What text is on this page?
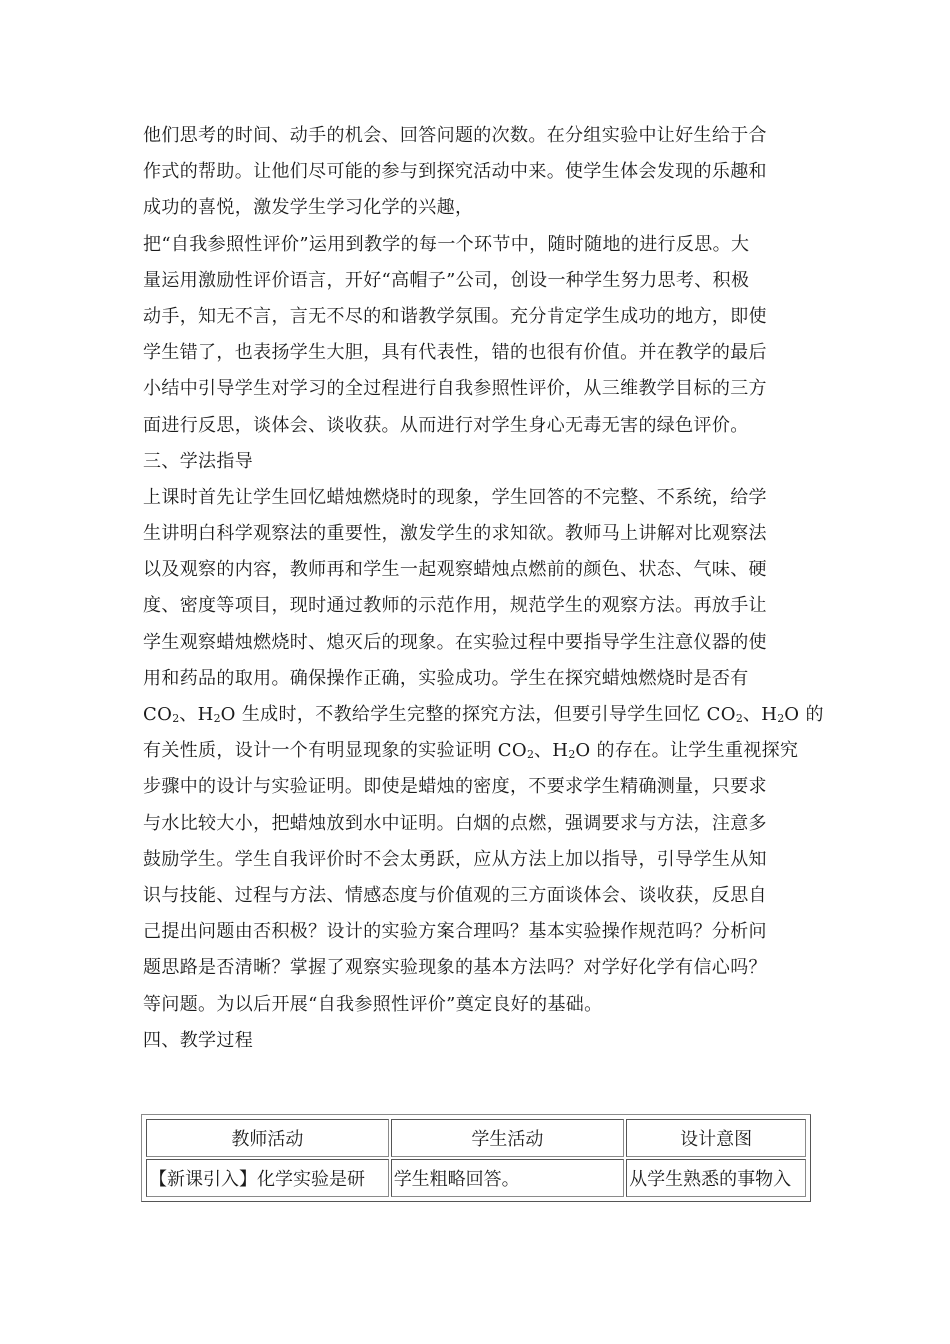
他们思考的时间、动手的机会、回答问题的次数。在分组实验中让好生给于合
作式的帮助。让他们尽可能的参与到探究活动中来。使学生体会发现的乐趣和
成功的喜悦，激发学生学习化学的兴趣，
把“自我参照性评价”运用到教学的每一个环节中，随时随地的进行反思。大
量运用激励性评价语言，开好“高帽子”公司，创设一种学生努力思考、积极
动手，知无不言，言无不尽的和谐教学氛围。充分肯定学生成功的地方，即使
学生错了，也表扬学生大胆，具有代表性，错的也很有价值。并在教学的最后
小结中引导学生对学习的全过程进行自我参照性评价，从三维教学目标的三方
面进行反思，谈体会、谈收获。从而进行对学生身心无毒无害的绿色评价。
三、学法指导
上课时首先让学生回忆蜡烛燃烧时的现象，学生回答的不完整、不系统，给学
生讲明白科学观察法的重要性，激发学生的求知欲。教师马上讲解对比观察法
以及观察的内容，教师再和学生一起观察蜡烛点燃前的颜色、状态、气味、硬
度、密度等项目，现时通过教师的示范作用，规范学生的观察方法。再放手让
学生观察蜡烛燃烧时、熄灭后的现象。在实验过程中要指导学生注意仪器的使
用和药品的取用。确保操作正确，实验成功。学生在探究蜡烛燃烧时是否有
CO2、H2O 生成时，不教给学生完整的探究方法，但要引导学生回忆 CO2、H2O 的
有关性质，设计一个有明显现象的实验证明 CO2、H2O 的存在。让学生重视探究
步骤中的设计与实验证明。即使是蜡烛的密度，不要求学生精确测量，只要求
与水比较大小，把蜡烛放到水中证明。白烟的点燃，强调要求与方法，注意多
鼓励学生。学生自我评价时不会太勇跃，应从方法上加以指导，引导学生从知
识与技能、过程与方法、情感态度与价值观的三方面谈体会、谈收获，反思自
己提出问题由否积极？设计的实验方案合理吗？基本实验操作规范吗？分析问
题思路是否清晰？掌握了观察实验现象的基本方法吗？对学好化学有信心吗？
等问题。为以后开展“自我参照性评价”奠定良好的基础。
四、教学过程
教师活动	学生活动	设计意图
【新课引入】化学实验是研	学生粗略回答。	从学生熟悉的事物入
